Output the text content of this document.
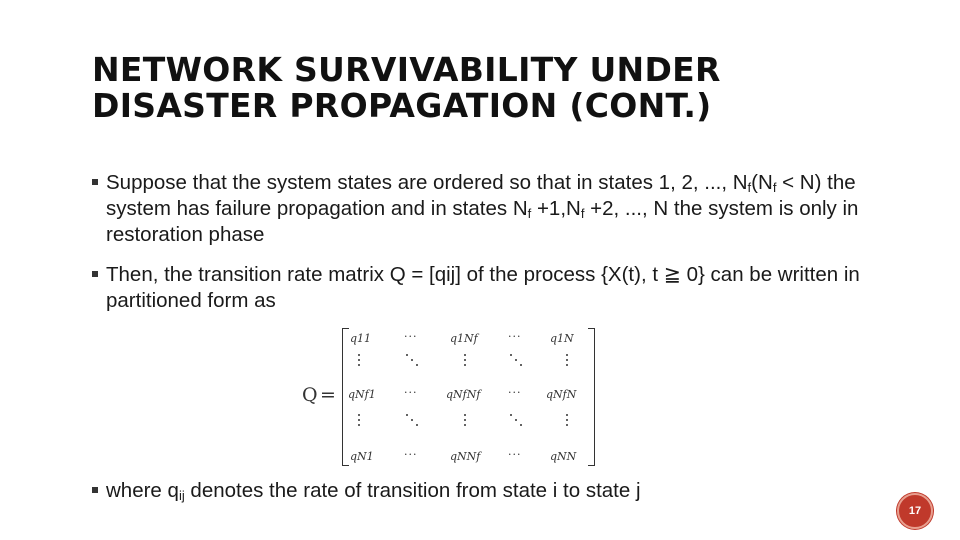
NETWORK SURVIVABILITY UNDER
DISASTER PROPAGATION (CONT.)
Suppose that the system states are ordered so that in states 1, 2, ..., $N_f(N_f < N)$ the system has failure propagation and in states $N_f +1,N_f +2$, ..., N the system is only in restoration phase
Then, the transition rate matrix Q = [qij] of the process {X(t), t ≧ 0} can be written in partitioned form as
Q =
q11	···	q1Nf	···	q1N
qNf1	···	qNfNf	··· qNfN
qN1	···	qNNf	···	qNN
where $q_{ij}$ denotes the rate of transition from state i to state j
17
